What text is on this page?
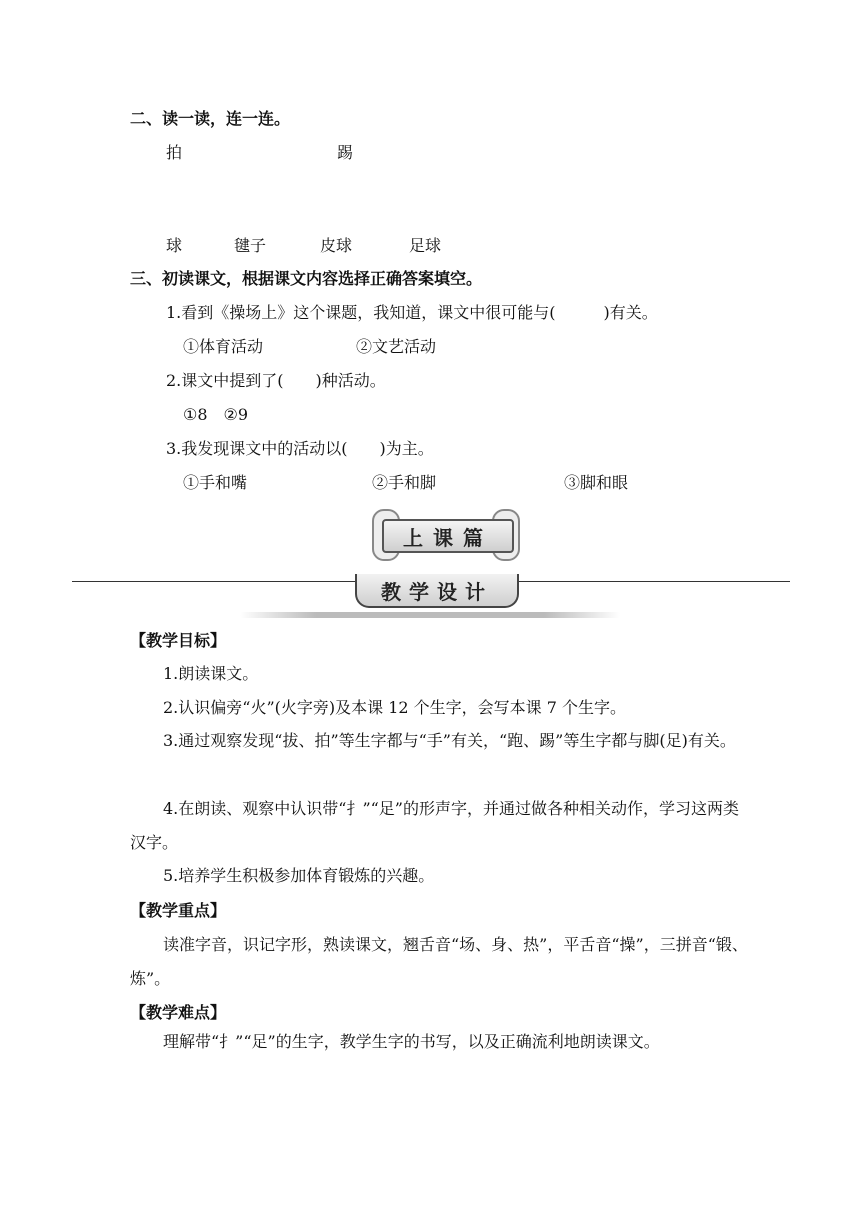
二、读一读，连一连。
拍	踢
球	毽子	皮球	足球
三、初读课文，根据课文内容选择正确答案填空。
1.看到《操场上》这个课题，我知道，课文中很可能与(　　　)有关。
①体育活动	②文艺活动
2.课文中提到了(　　)种活动。
①8　②9
3.我发现课文中的活动以(　　)为主。
①手和嘴	②手和脚	③脚和眼
上课篇
教学设计
【教学目标】
1.朗读课文。
2.认识偏旁“火”(火字旁)及本课 12 个生字，会写本课 7 个生字。
3.通过观察发现“拔、拍”等生字都与“手”有关，“跑、踢”等生字都与脚(足)有关。
4.在朗读、观察中认识带“扌”“足”的形声字，并通过做各种相关动作，学习这两类汉字。
5.培养学生积极参加体育锻炼的兴趣。
【教学重点】
读准字音，识记字形，熟读课文，翘舌音“场、身、热”，平舌音“操”，三拼音“锻、炼”。
【教学难点】
理解带“扌”“足”的生字，教学生字的书写，以及正确流利地朗读课文。
